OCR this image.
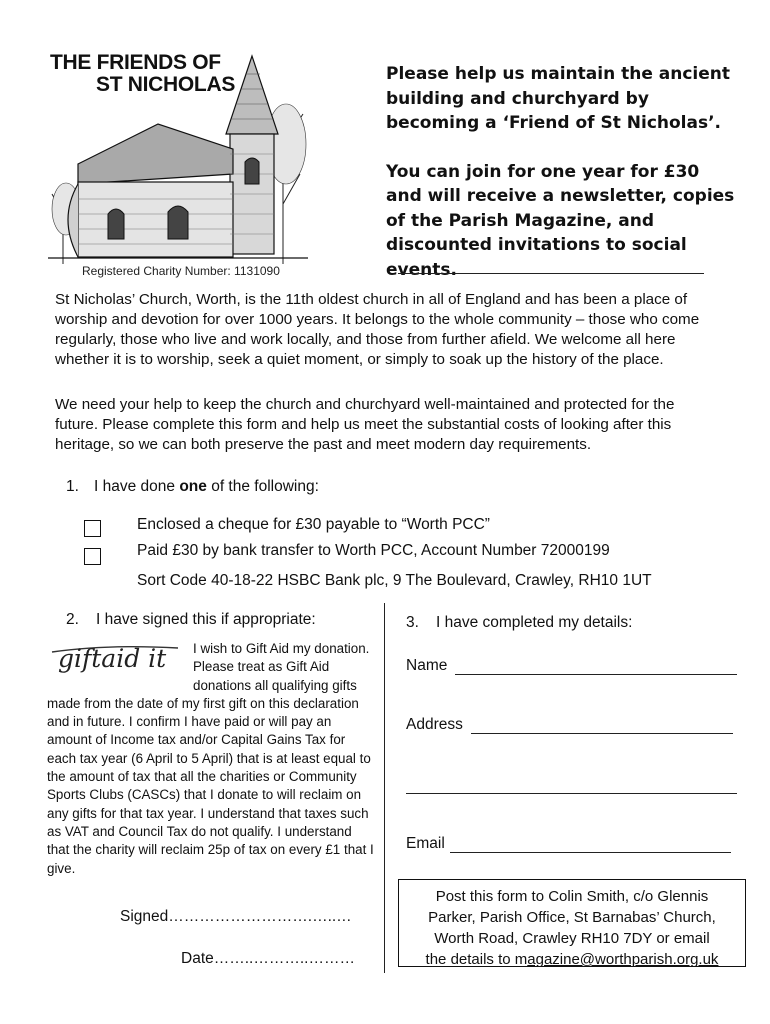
THE FRIENDS OF
ST NICHOLAS
Registered Charity Number: 1131090

Please help us maintain the ancient building and churchyard by becoming a ‘Friend of St Nicholas’.

You can join for one year for £30 and will receive a newsletter, copies of the Parish Magazine, and discounted invitations to social events.

St Nicholas’ Church, Worth, is the 11th oldest church in all of England and has been a place of worship and devotion for over 1000 years. It belongs to the whole community – those who come regularly, those who live and work locally, and those from further afield. We welcome all here whether it is to worship, seek a quiet moment, or simply to soak up the history of the place.
We need your help to keep the church and churchyard well-maintained and protected for the future. Please complete this form and help us meet the substantial costs of looking after this heritage, so we can both preserve the past and meet modern day requirements.
1. I have done one of the following:
Enclosed a cheque for £30 payable to “Worth PCC”
Paid £30 by bank transfer to Worth PCC, Account Number 72000199
Sort Code 40-18-22 HSBC Bank plc, 9 The Boulevard, Crawley, RH10 1UT
2. I have signed this if appropriate:
I wish to Gift Aid my donation. Please treat as Gift Aid donations all qualifying gifts made from the date of my first gift on this declaration and in future. I confirm I have paid or will pay an amount of Income tax and/or Capital Gains Tax for each tax year (6 April to 5 April) that is at least equal to the amount of tax that all the charities or Community Sports Clubs (CASCs) that I donate to will reclaim on any gifts for that tax year. I understand that taxes such as VAT and Council Tax do not qualify. I understand that the charity will reclaim 25p of tax on every £1 that I give.
giftaid it
Signed……………………….…..…
Date……..………..………
3. I have completed my details:
Name
Address
Email
Post this form to Colin Smith, c/o Glennis
Parker, Parish Office, St Barnabas’ Church,
Worth Road, Crawley RH10 7DY or email
the details to magazine@worthparish.org.uk
